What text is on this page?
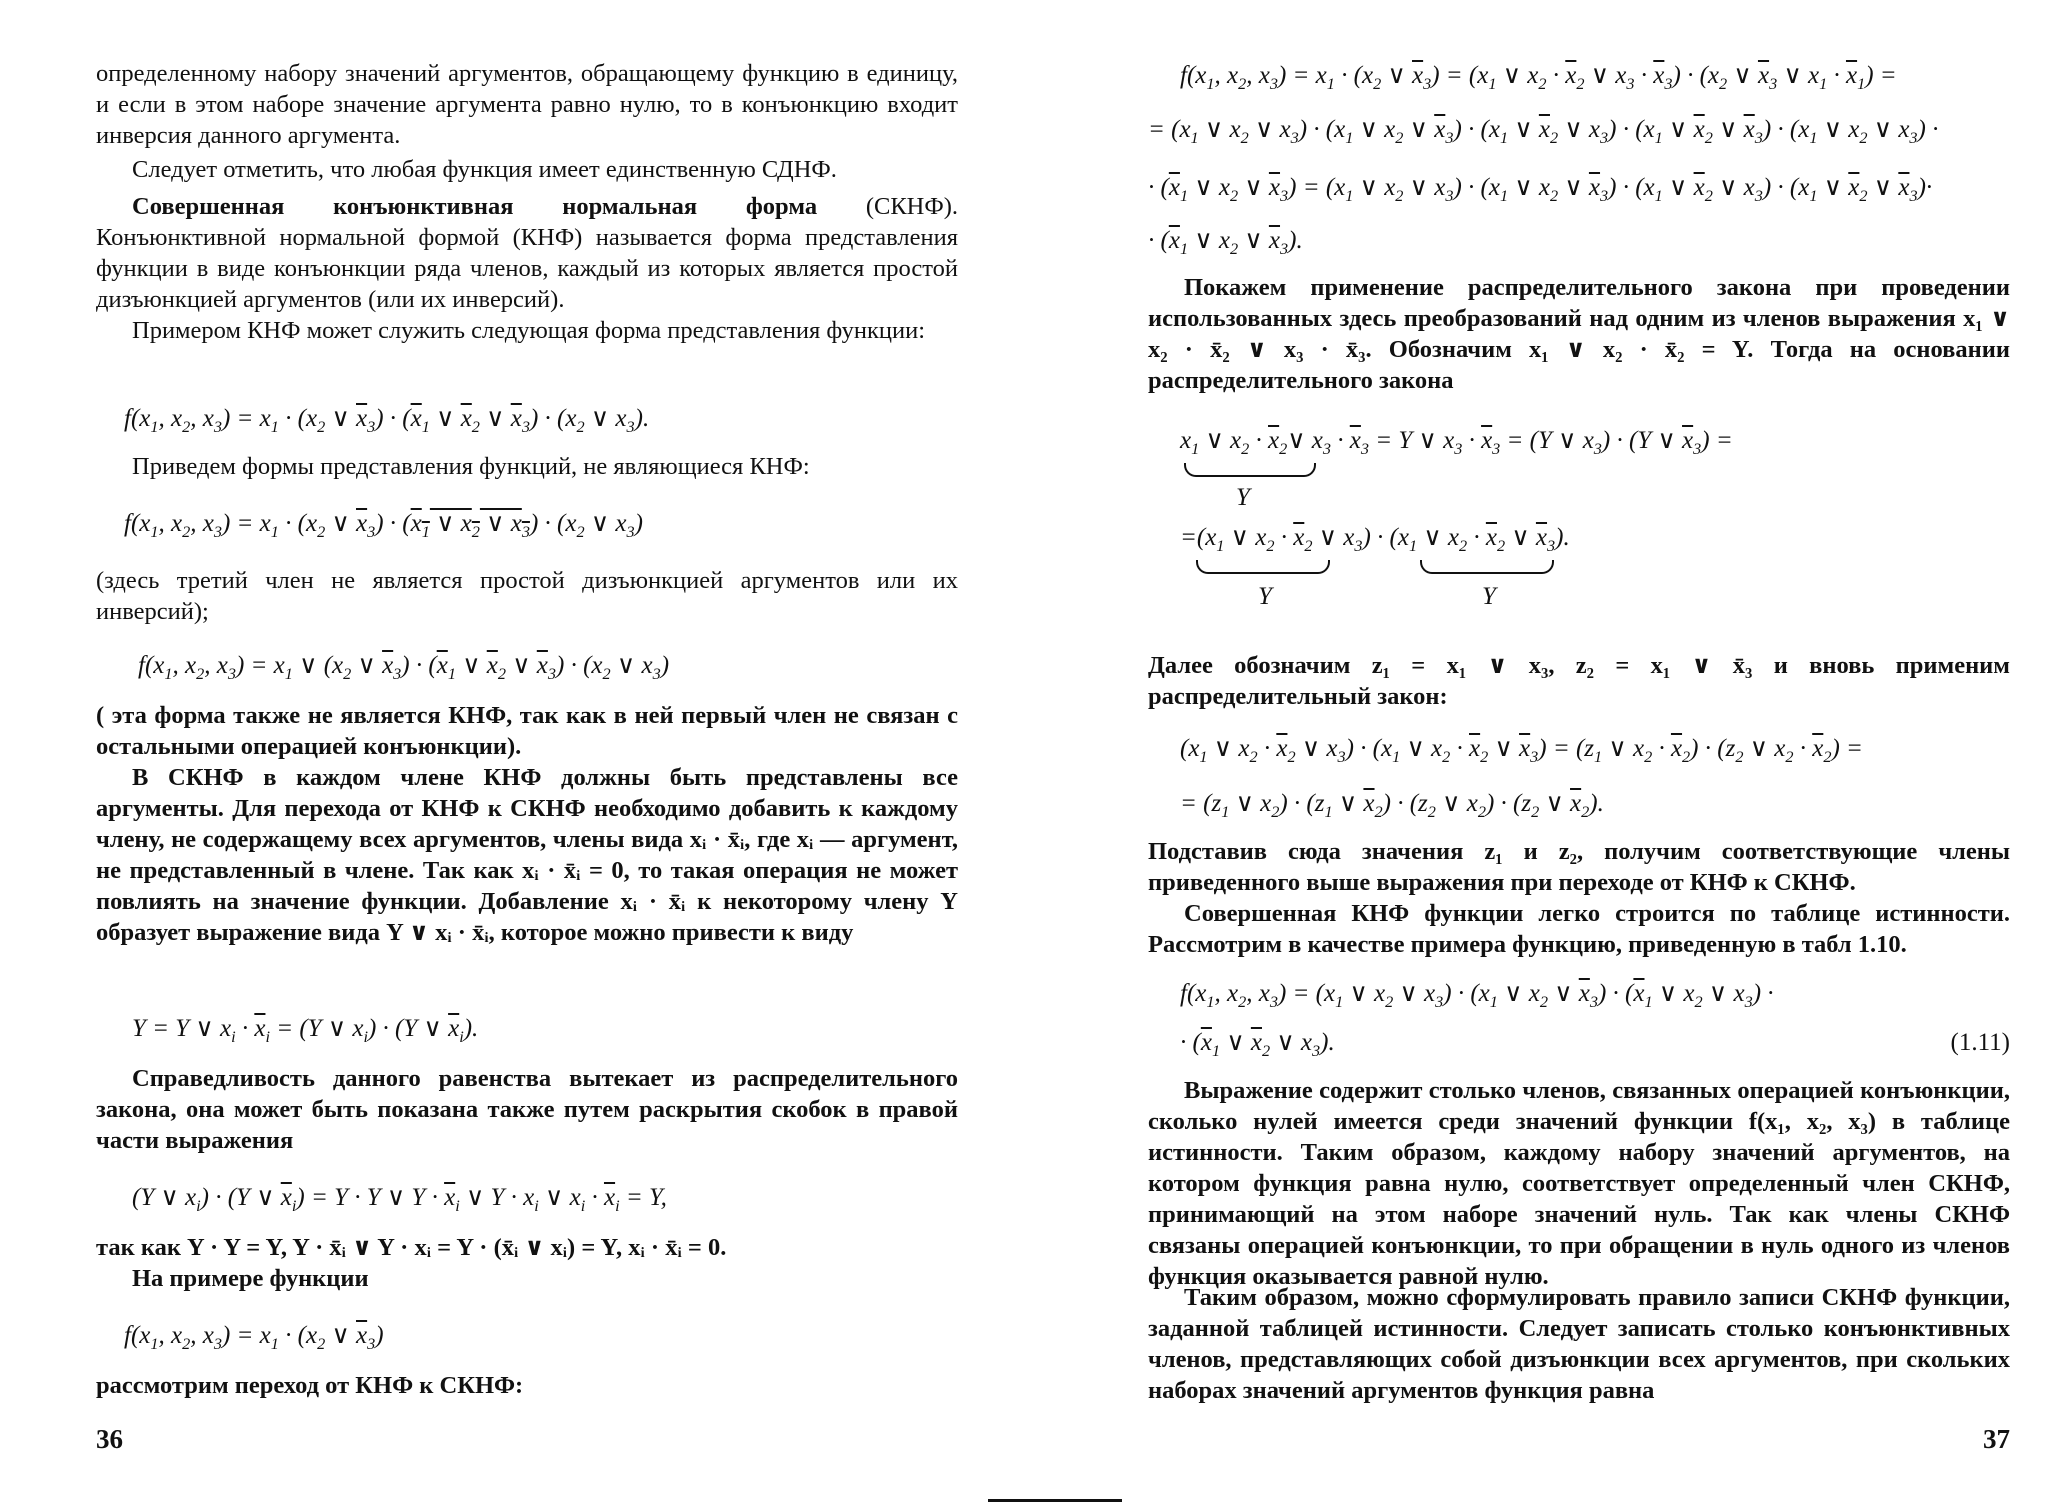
определенному набору значений аргументов, обращающему функцию в единицу, и если в этом наборе значение аргумента равно нулю, то в конъюнкцию входит инверсия данного аргумента.

Следует отметить, что любая функция имеет единственную СДНФ.

Совершенная конъюнктивная нормальная форма (СКНФ). Конъюнктивной нормальной формой (КНФ) называется форма представления функции в виде конъюнкции ряда членов, каждый из которых является простой дизъюнкцией аргументов (или их инверсий).

Примером КНФ может служить следующая форма представления функции:

$f(x_1$, $x_2$, $x_3) = x_1 \cdot (x_2$ ∨ $\overline{x}_3) \cdot (\overline{x}_1$ ∨ $\overline{x}_2$ ∨ $\overline{x}_3) \cdot (x_2$ ∨ $x_3$).

Приведем формы представления функций, не являющиеся КНФ:

$f(x_1$, $x_2$, $x_3) = x_1 \cdot (x_2$ ∨ $\overline{x}_3) \cdot (x_1$ ∨ $x_2$ ∨ $x_3) \cdot (x_2$ ∨ $x_3$)

(здесь третий член не является простой дизъюнкцией аргументов или их инверсий);

$f(x_1$, $x_2$, $x_3) = x_1$ ∨ ($x_2$ ∨ $\overline{x}_3) \cdot (\overline{x}_1$ ∨ $\overline{x}_2$ ∨ $\overline{x}_3) \cdot (x_2$ ∨ $x_3$)

( эта форма также не является КНФ, так как в ней первый член не связан с остальными операцией конъюнкции).

В СКНФ в каждом члене КНФ должны быть представлены все аргументы. Для перехода от КНФ к СКНФ необходимо добавить к каждому члену, не содержащему всех аргументов, члены вида xᵢ · x̄ᵢ, где xᵢ — аргумент, не представленный в члене. Так как xᵢ · x̄ᵢ = 0, то такая операция не может повлиять на значение функции. Добавление xᵢ · x̄ᵢ к некоторому члену Y образует выражение вида Y ∨ xᵢ · x̄ᵢ, которое можно привести к виду

Y = Y ∨ $x_i \cdot \overline{x}_i = (Y$ ∨ $x_i) \cdot (Y$ ∨ $\overline{x}_i$).

Справедливость данного равенства вытекает из распределительного закона, она может быть показана также путем раскрытия скобок в правой части выражения

(Y ∨ $x_i) \cdot (Y$ ∨ $\overline{x}_i) = Y \cdot Y$ ∨ $Y \cdot \overline{x}_i$ ∨ $Y \cdot x_i$ ∨ $x_i \cdot \overline{x}_i = Y$,

так как Y · Y = Y, Y · x̄ᵢ ∨ Y · xᵢ = Y · (x̄ᵢ ∨ xᵢ) = Y, xᵢ · x̄ᵢ = 0.

На примере функции

$f(x_1$, $x_2$, $x_3) = x_1 \cdot (x_2$ ∨ $\overline{x}_3$)

рассмотрим переход от КНФ к СКНФ:

36
$f(x_1$, $x_2$, $x_3) = x_1 \cdot (x_2$ ∨ $\overline{x}_3) = (x_1$ ∨ $x_2 \cdot \overline{x}_2$ ∨ $x_3 \cdot \overline{x}_3) \cdot (x_2$ ∨ $\overline{x}_3$ ∨ $x_1 \cdot \overline{x}_1$) =
= ($x_1$ ∨ $x_2$ ∨ $x_3) \cdot (x_1$ ∨ $x_2$ ∨ $\overline{x}_3) \cdot (x_1$ ∨ $\overline{x}_2$ ∨ $x_3) \cdot (x_1$ ∨ $\overline{x}_2$ ∨ $\overline{x}_3) \cdot (x_1$ ∨ $x_2$ ∨ $x_3$) ·
· ($\overline{x}_1$ ∨ $x_2$ ∨ $\overline{x}_3) = (x_1$ ∨ $x_2$ ∨ $x_3) \cdot (x_1$ ∨ $x_2$ ∨ $\overline{x}_3) \cdot (x_1$ ∨ $\overline{x}_2$ ∨ $x_3) \cdot (x_1$ ∨ $\overline{x}_2$ ∨ $\overline{x}_3)\cdot$
· ($\overline{x}_1$ ∨ $x_2$ ∨ $\overline{x}_3$).

Покажем применение распределительного закона при проведении использованных здесь преобразований над одним из членов выражения x₁ ∨ x₂ · x̄₂ ∨ x₃ · x̄₃. Обозначим x₁ ∨ x₂ · x̄₂ = Y. Тогда на основании распределительного закона

$x_1$ ∨ $x_2$ · $\overline{x}_2\vee$ $x_3 \cdot \overline{x}_3 = Y$ ∨ $x_3 \cdot \overline{x}_3 = (Y$ ∨ $x_3) \cdot (Y$ ∨ $\overline{x}_3$) =
Y
$=(x_1$ ∨ $x_2 \cdot \overline{x}_2$ ∨ $x_3) \cdot (x_1$ ∨ $x_2 \cdot \overline{x}_2$ ∨ $\overline{x}_3$).
Y	Y

Далее обозначим z₁ = x₁ ∨ x₃, z₂ = x₁ ∨ x̄₃ и вновь применим распределительный закон:

($x_1$ ∨ $x_2 \cdot \overline{x}_2$ ∨ $x_3) \cdot (x_1$ ∨ $x_2 \cdot \overline{x}_2$ ∨ $\overline{x}_3) = (z_1$ ∨ $x_2 \cdot \overline{x}_2) \cdot (z_2$ ∨ $x_2 \cdot \overline{x}_2$) =
= ($z_1$ ∨ $x_2) \cdot (z_1$ ∨ $\overline{x}_2) \cdot (z_2$ ∨ $x_2) \cdot (z_2$ ∨ $\overline{x}_2$).

Подставив сюда значения z₁ и z₂, получим соответствующие члены приведенного выше выражения при переходе от КНФ к СКНФ.

Совершенная КНФ функции легко строится по таблице истинности. Рассмотрим в качестве примера функцию, приведенную в табл 1.10.

$f(x_1$, $x_2$, $x_3) = (x_1$ ∨ $x_2$ ∨ $x_3) \cdot (x_1$ ∨ $x_2$ ∨ $\overline{x}_3) \cdot (\overline{x}_1$ ∨ $x_2$ ∨ $x_3$) ·
· ($\overline{x}_1$ ∨ $\overline{x}_2$ ∨ $x_3$).	(1.11)

Выражение содержит столько членов, связанных операцией конъюнкции, сколько нулей имеется среди значений функции f(x₁, x₂, x₃) в таблице истинности. Таким образом, каждому набору значений аргументов, на котором функция равна нулю, соответствует определенный член СКНФ, принимающий на этом наборе значений нуль. Так как члены СКНФ связаны операцией конъюнкции, то при обращении в нуль одного из членов функция оказывается равной нулю.

Таким образом, можно сформулировать правило записи СКНФ функции, заданной таблицей истинности. Следует записать столько конъюнктивных членов, представляющих собой дизъюнкции всех аргументов, при скольких наборах значений аргументов функция равна

37
